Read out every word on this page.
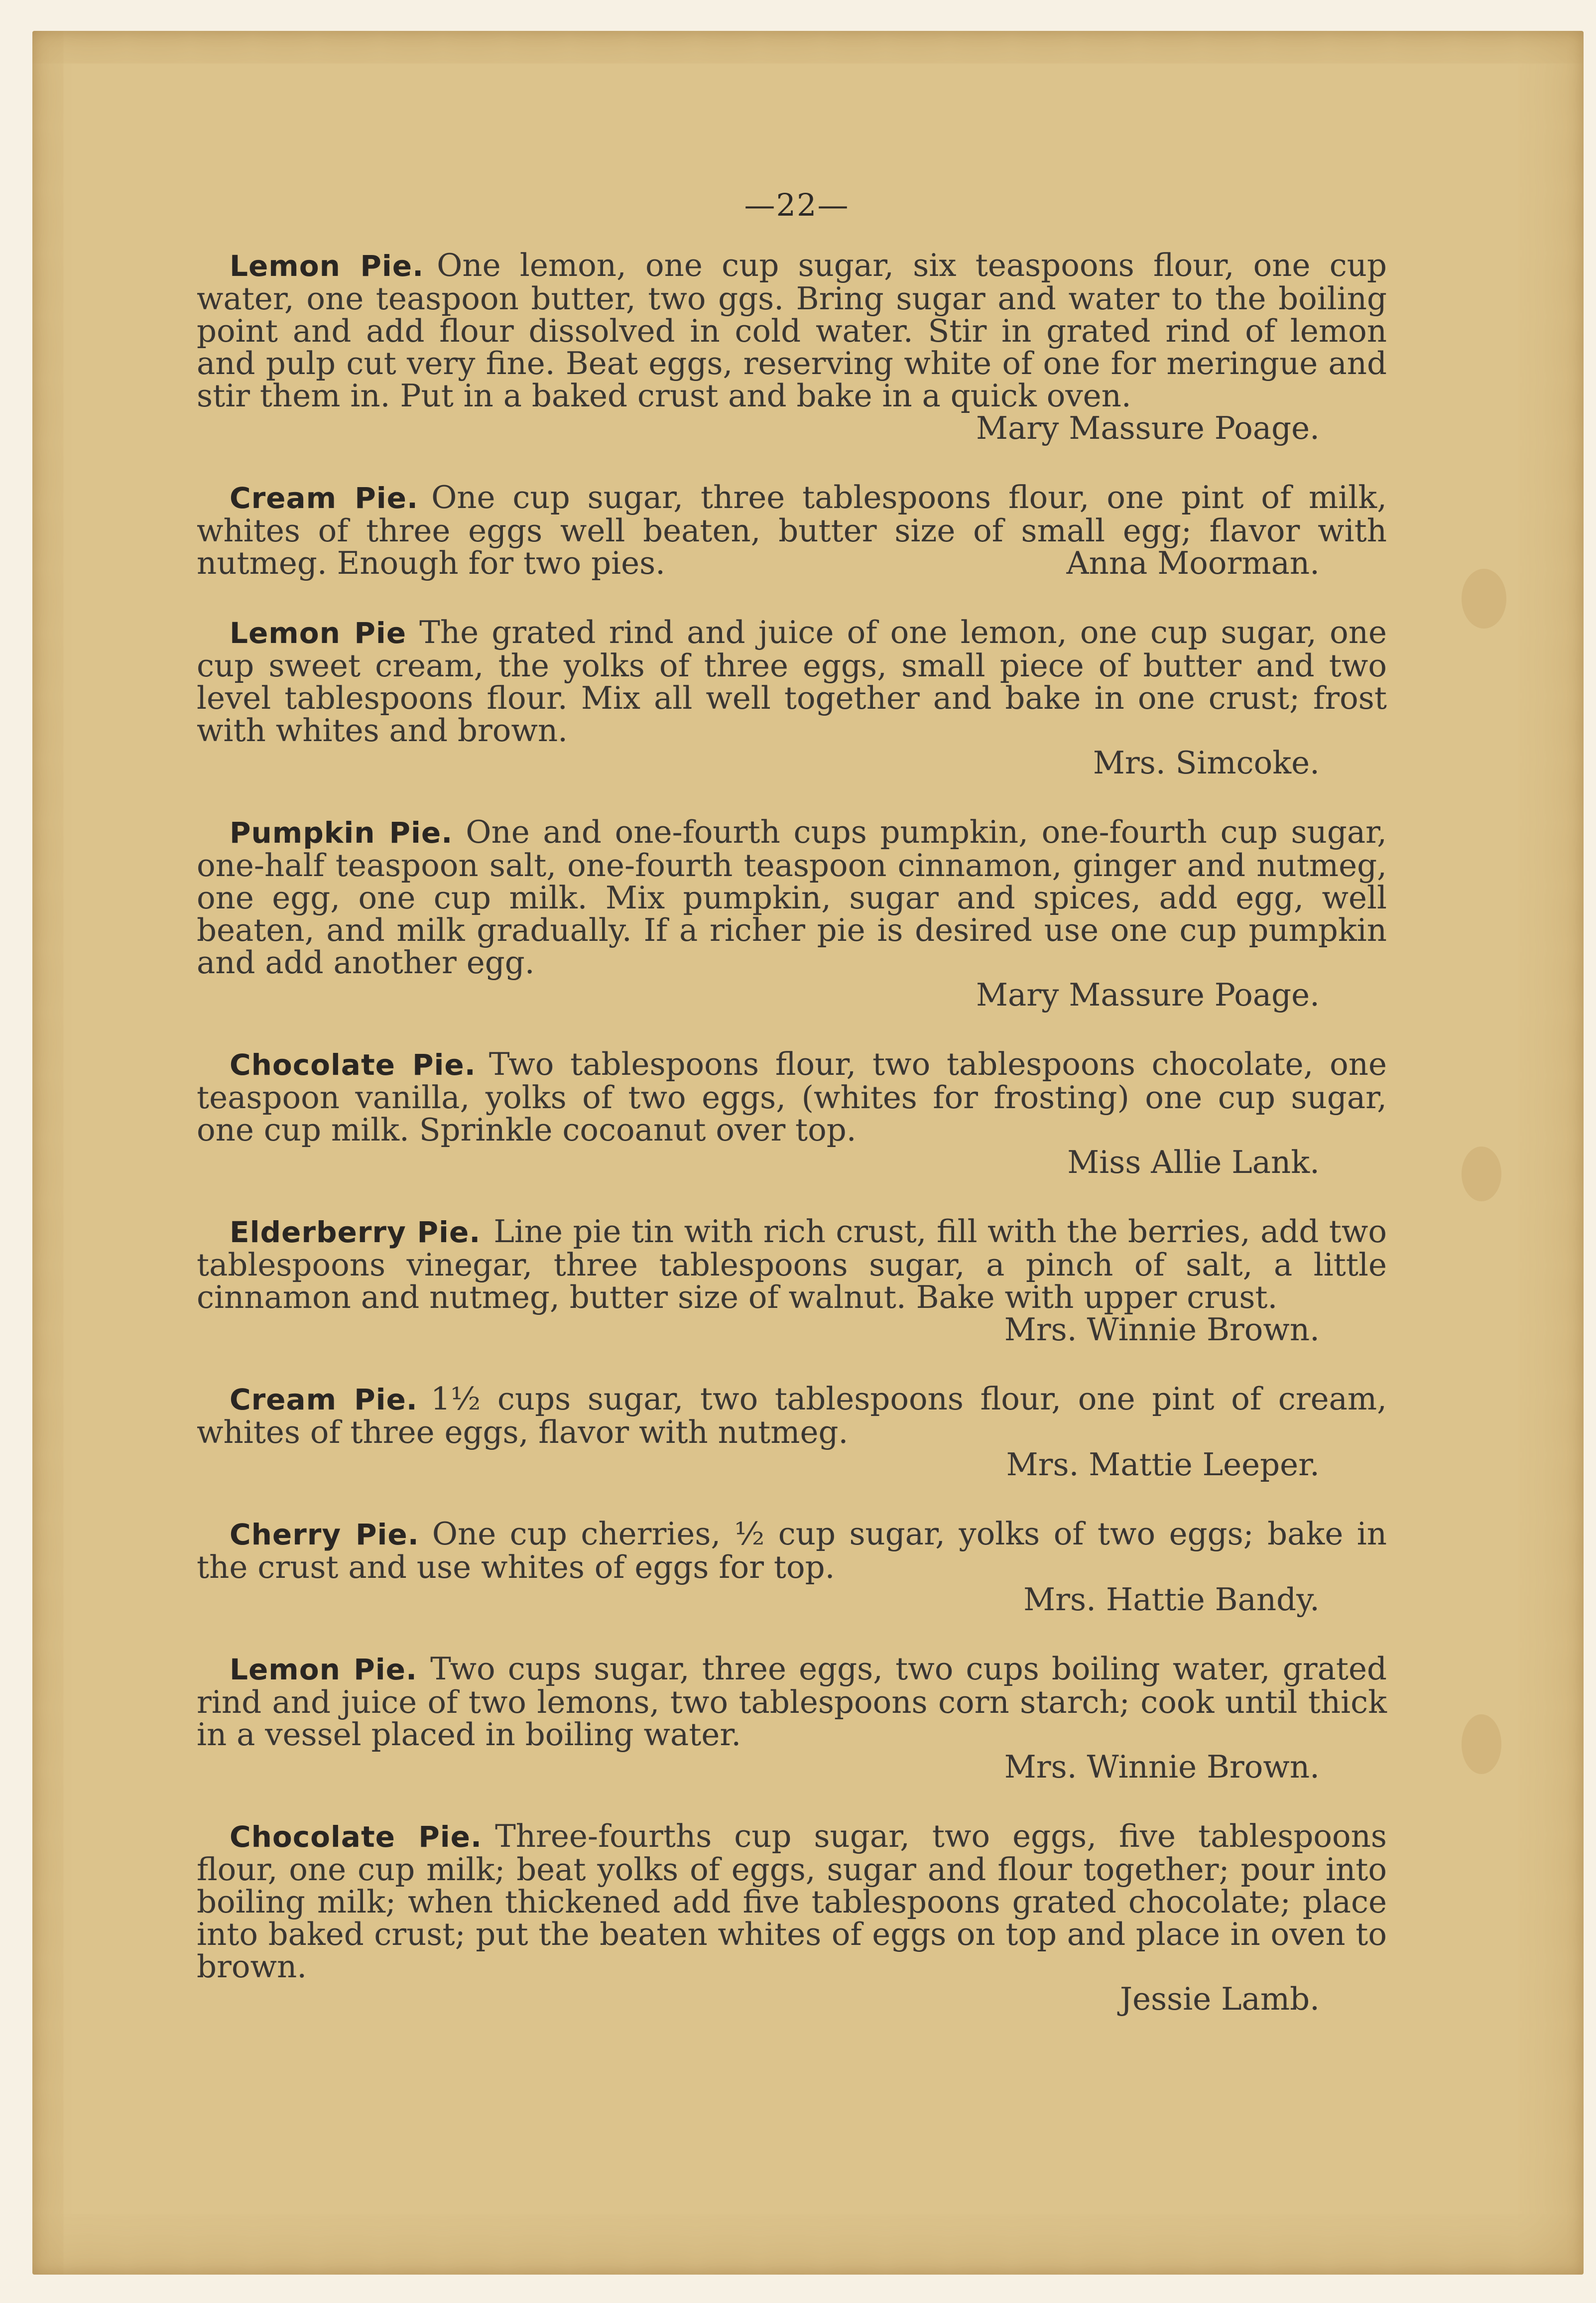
—22—
Lemon Pie. One lemon, one cup sugar, six teaspoons flour, one cup water, one teaspoon butter, two ggs. Bring sugar and water to the boiling point and add flour dissolved in cold water. Stir in grated rind of lemon and pulp cut very fine. Beat eggs, reserving white of one for meringue and stir them in. Put in a baked crust and bake in a quick oven.
Mary Massure Poage.
Cream Pie. One cup sugar, three tablespoons flour, one pint of milk, whites of three eggs well beaten, butter size of small egg; flavor with nutmeg. Enough for two pies.	Anna Moorman.
Lemon Pie The grated rind and juice of one lemon, one cup sugar, one cup sweet cream, the yolks of three eggs, small piece of butter and two level tablespoons flour. Mix all well together and bake in one crust; frost with whites and brown.
Mrs. Simcoke.
Pumpkin Pie. One and one-fourth cups pumpkin, one-fourth cup sugar, one-half teaspoon salt, one-fourth teaspoon cinnamon, ginger and nutmeg, one egg, one cup milk. Mix pumpkin, sugar and spices, add egg, well beaten, and milk gradually. If a richer pie is desired use one cup pumpkin and add another egg.
Mary Massure Poage.
Chocolate Pie. Two tablespoons flour, two tablespoons chocolate, one teaspoon vanilla, yolks of two eggs, (whites for frosting) one cup sugar, one cup milk. Sprinkle cocoanut over top.
Miss Allie Lank.
Elderberry Pie. Line pie tin with rich crust, fill with the berries, add two tablespoons vinegar, three tablespoons sugar, a pinch of salt, a little cinnamon and nutmeg, butter size of walnut. Bake with upper crust.
Mrs. Winnie Brown.
Cream Pie. 1½ cups sugar, two tablespoons flour, one pint of cream, whites of three eggs, flavor with nutmeg.
Mrs. Mattie Leeper.
Cherry Pie. One cup cherries, ½ cup sugar, yolks of two eggs; bake in the crust and use whites of eggs for top.
Mrs. Hattie Bandy.
Lemon Pie. Two cups sugar, three eggs, two cups boiling water, grated rind and juice of two lemons, two tablespoons corn starch; cook until thick in a vessel placed in boiling water.
Mrs. Winnie Brown.
Chocolate Pie. Three-fourths cup sugar, two eggs, five tablespoons flour, one cup milk; beat yolks of eggs, sugar and flour together; pour into boiling milk; when thickened add five tablespoons grated chocolate; place into baked crust; put the beaten whites of eggs on top and place in oven to brown.
Jessie Lamb.
